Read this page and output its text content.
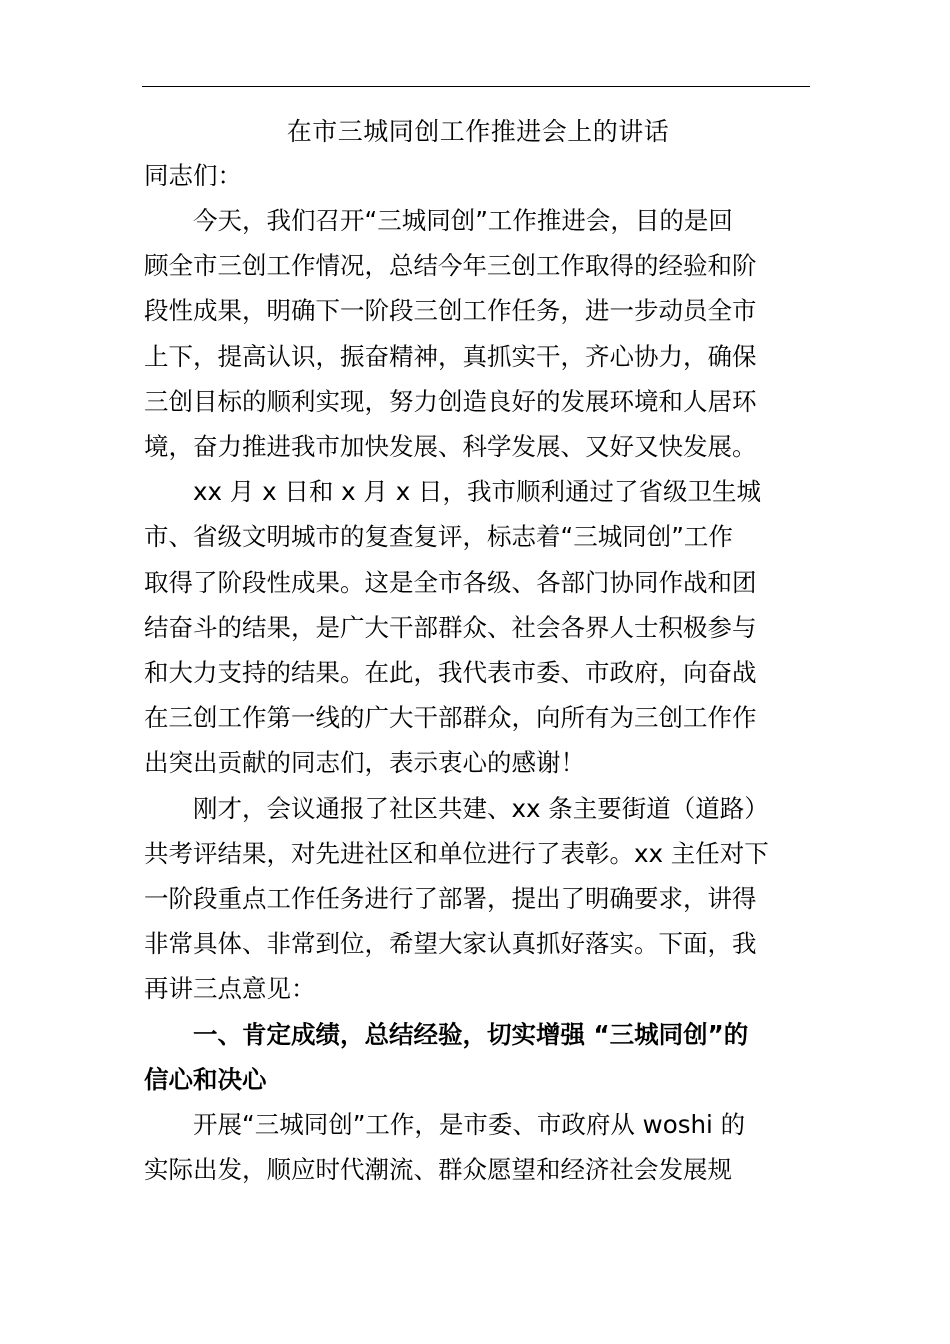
在市三城同创工作推进会上的讲话

同志们：

今天，我们召开“三城同创”工作推进会，目的是回
顾全市三创工作情况，总结今年三创工作取得的经验和阶
段性成果，明确下一阶段三创工作任务，进一步动员全市
上下，提高认识，振奋精神，真抓实干，齐心协力，确保
三创目标的顺利实现，努力创造良好的发展环境和人居环
境，奋力推进我市加快发展、科学发展、又好又快发展。

xx 月 x 日和 x 月 x 日，我市顺利通过了省级卫生城
市、省级文明城市的复查复评，标志着“三城同创”工作
取得了阶段性成果。这是全市各级、各部门协同作战和团
结奋斗的结果，是广大干部群众、社会各界人士积极参与
和大力支持的结果。在此，我代表市委、市政府，向奋战
在三创工作第一线的广大干部群众，向所有为三创工作作
出突出贡献的同志们，表示衷心的感谢！

刚才，会议通报了社区共建、xx 条主要街道（道路）
共考评结果，对先进社区和单位进行了表彰。xx 主任对下
一阶段重点工作任务进行了部署，提出了明确要求，讲得
非常具体、非常到位，希望大家认真抓好落实。下面，我
再讲三点意见：

一、肯定成绩，总结经验，切实增强 “三城同创”的
信心和决心

开展“三城同创”工作，是市委、市政府从 woshi 的
实际出发，顺应时代潮流、群众愿望和经济社会发展规
